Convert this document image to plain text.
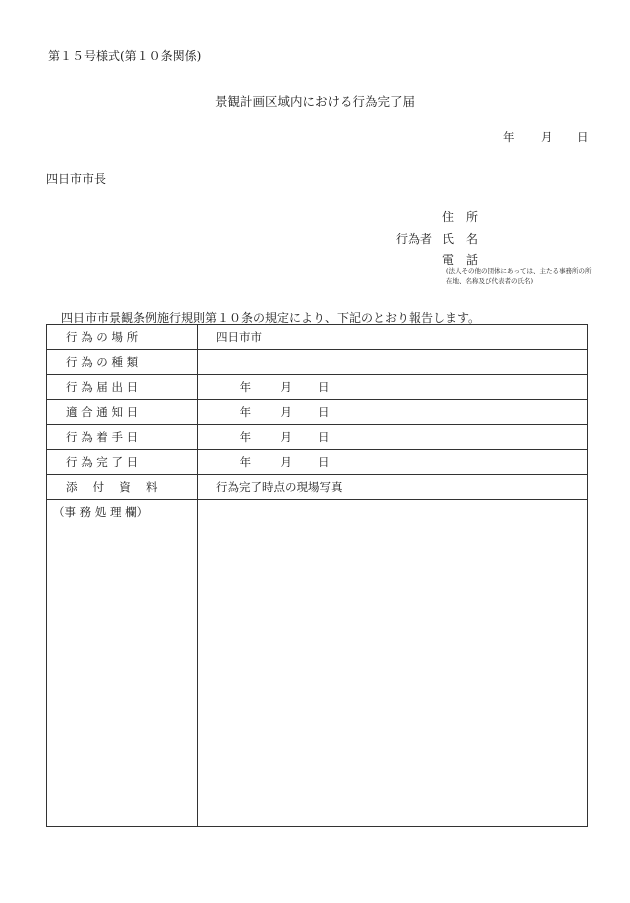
第１５号様式(第１０条関係)
景観計画区域内における行為完了届
年	月	日
四日市市長
住　所
行為者 氏　名
電　話
(法人その他の団体にあっては、主たる事務所の所在地、名称及び代表者の氏名)
四日市市景観条例施行規則第１０条の規定により、下記のとおり報告します。
行 為 の 場 所	四日市市
行 為 の 種 類	
行 為 届 出 日	年 月 日
適 合 通 知 日	年 月 日
行 為 着 手 日	年 月 日
行 為 完 了 日	年 月 日
添 　付 　資 　料	行為完了時点の現場写真
（事 務 処 理 欄）	
